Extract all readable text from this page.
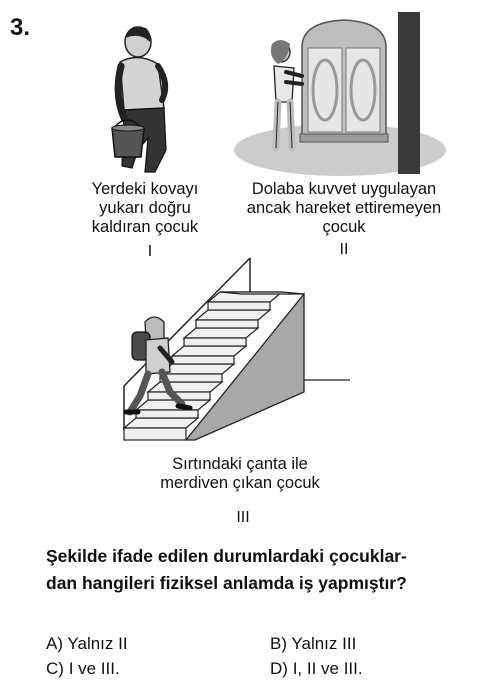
3.
Yerdeki kovayı
yukarı doğru
kaldıran çocuk
I
Dolaba kuvvet uygulayan
ancak hareket ettiremeyen
çocuk
II
Sırtındaki çanta ile
merdiven çıkan çocuk
III
Şekilde ifade edilen durumlardaki çocuklar-
dan hangileri fiziksel anlamda iş yapmıştır?
A) Yalnız II	B) Yalnız III
C) I ve III.	D) I, II ve III.
